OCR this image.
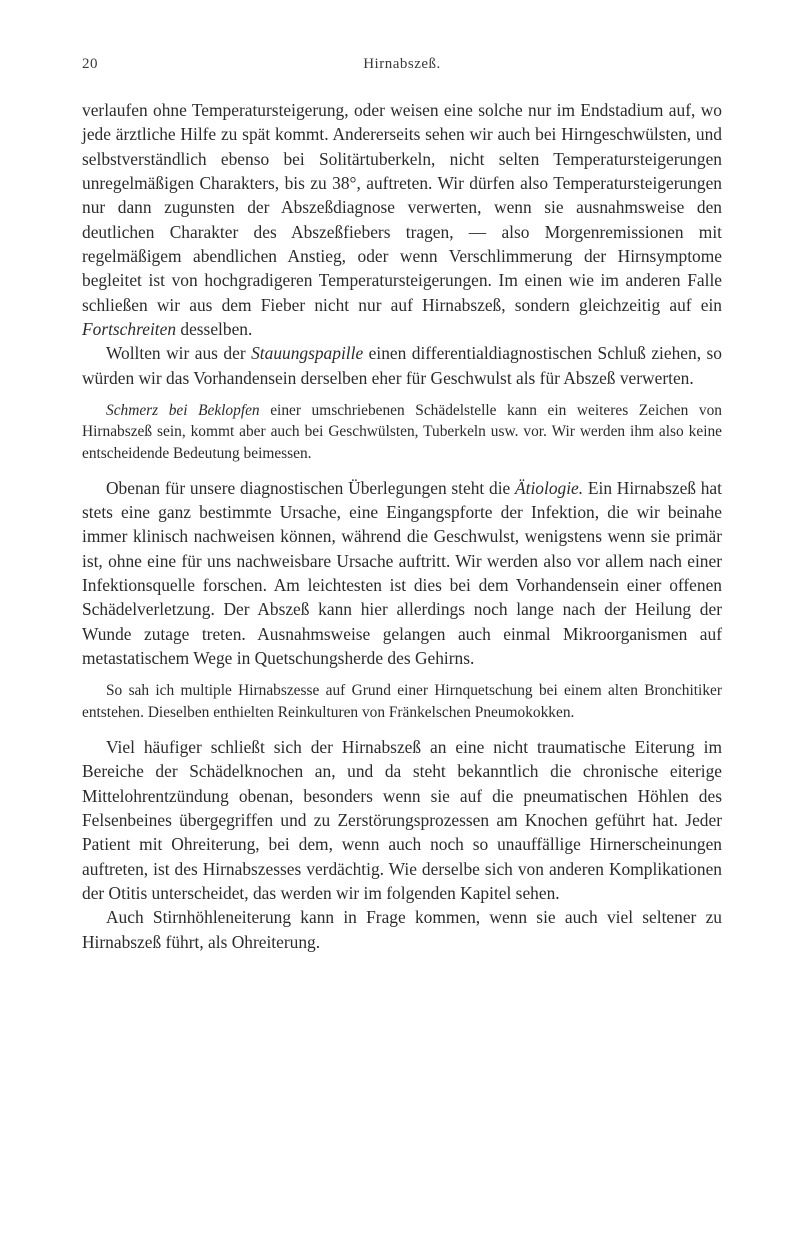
20	Hirnabszeß.

verlaufen ohne Temperatursteigerung, oder weisen eine solche nur im Endstadium auf, wo jede ärztliche Hilfe zu spät kommt. Andererseits sehen wir auch bei Hirngeschwülsten, und selbstverständlich ebenso bei Solitärtuberkeln, nicht selten Temperatursteigerungen unregelmäßigen Charakters, bis zu 38°, auftreten. Wir dürfen also Temperatursteigerungen nur dann zugunsten der Abszeßdiagnose verwerten, wenn sie ausnahmsweise den deutlichen Charakter des Abszeßfiebers tragen, — also Morgenremissionen mit regelmäßigem abendlichen Anstieg, oder wenn Verschlimmerung der Hirnsymptome begleitet ist von hochgradigeren Temperatursteigerungen. Im einen wie im anderen Falle schließen wir aus dem Fieber nicht nur auf Hirnabszeß, sondern gleichzeitig auf ein Fortschreiten desselben.

Wollten wir aus der Stauungspapille einen differentialdiagnostischen Schluß ziehen, so würden wir das Vorhandensein derselben eher für Geschwulst als für Abszeß verwerten.

Schmerz bei Beklopfen einer umschriebenen Schädelstelle kann ein weiteres Zeichen von Hirnabszeß sein, kommt aber auch bei Geschwülsten, Tuberkeln usw. vor. Wir werden ihm also keine entscheidende Bedeutung beimessen.

Obenan für unsere diagnostischen Überlegungen steht die Ätiologie. Ein Hirnabszeß hat stets eine ganz bestimmte Ursache, eine Eingangspforte der Infektion, die wir beinahe immer klinisch nachweisen können, während die Geschwulst, wenigstens wenn sie primär ist, ohne eine für uns nachweisbare Ursache auftritt. Wir werden also vor allem nach einer Infektionsquelle forschen. Am leichtesten ist dies bei dem Vorhandensein einer offenen Schädelverletzung. Der Abszeß kann hier allerdings noch lange nach der Heilung der Wunde zutage treten. Ausnahmsweise gelangen auch einmal Mikroorganismen auf metastatischem Wege in Quetschungsherde des Gehirns.

So sah ich multiple Hirnabszesse auf Grund einer Hirnquetschung bei einem alten Bronchitiker entstehen. Dieselben enthielten Reinkulturen von Fränkelschen Pneumokokken.

Viel häufiger schließt sich der Hirnabszeß an eine nicht traumatische Eiterung im Bereiche der Schädelknochen an, und da steht bekanntlich die chronische eiterige Mittelohrentzündung obenan, besonders wenn sie auf die pneumatischen Höhlen des Felsenbeines übergegriffen und zu Zerstörungsprozessen am Knochen geführt hat. Jeder Patient mit Ohreiterung, bei dem, wenn auch noch so unauffällige Hirnerscheinungen auftreten, ist des Hirnabszesses verdächtig. Wie derselbe sich von anderen Komplikationen der Otitis unterscheidet, das werden wir im folgenden Kapitel sehen.

Auch Stirnhöhleneiterung kann in Frage kommen, wenn sie auch viel seltener zu Hirnabszeß führt, als Ohreiterung.
